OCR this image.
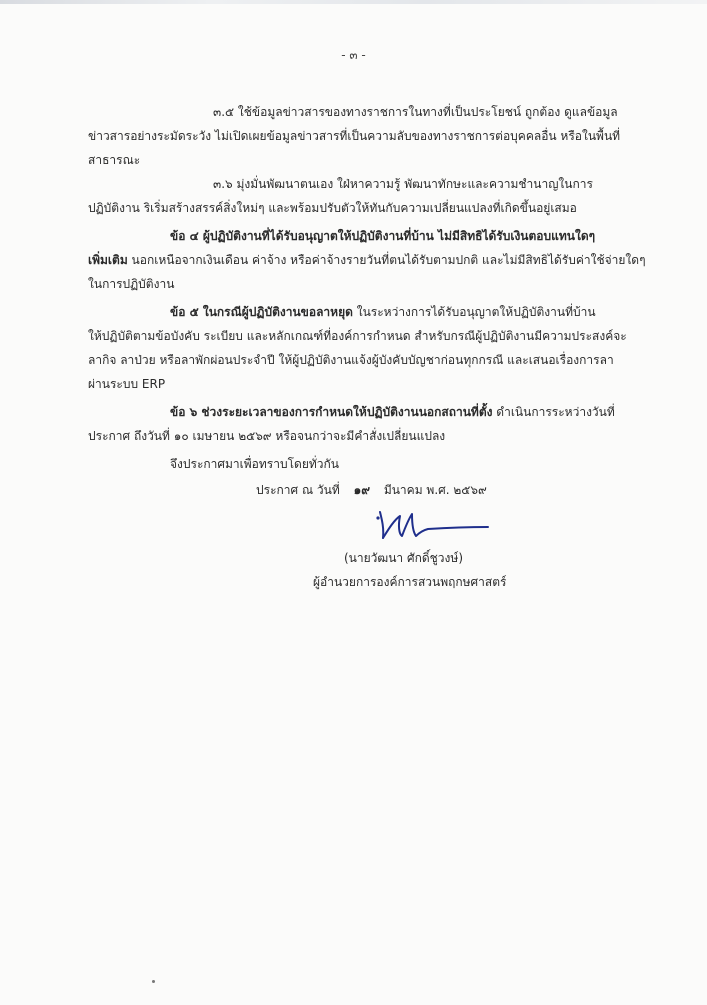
- ๓ -
๓.๕ ใช้ข้อมูลข่าวสารของทางราชการในทางที่เป็นประโยชน์ ถูกต้อง ดูแลข้อมูล
ข่าวสารอย่างระมัดระวัง ไม่เปิดเผยข้อมูลข่าวสารที่เป็นความลับของทางราชการต่อบุคคลอื่น หรือในพื้นที่
สาธารณะ
๓.๖ มุ่งมั่นพัฒนาตนเอง ใฝ่หาความรู้ พัฒนาทักษะและความชำนาญในการ
ปฏิบัติงาน ริเริ่มสร้างสรรค์สิ่งใหม่ๆ และพร้อมปรับตัวให้ทันกับความเปลี่ยนแปลงที่เกิดขึ้นอยู่เสมอ
ข้อ ๔ ผู้ปฏิบัติงานที่ได้รับอนุญาตให้ปฏิบัติงานที่บ้าน ไม่มีสิทธิได้รับเงินตอบแทนใดๆ
เพิ่มเติม นอกเหนือจากเงินเดือน ค่าจ้าง หรือค่าจ้างรายวันที่ตนได้รับตามปกติ และไม่มีสิทธิได้รับค่าใช้จ่ายใดๆ
ในการปฏิบัติงาน
ข้อ ๕ ในกรณีผู้ปฏิบัติงานขอลาหยุด ในระหว่างการได้รับอนุญาตให้ปฏิบัติงานที่บ้าน
ให้ปฏิบัติตามข้อบังคับ ระเบียบ และหลักเกณฑ์ที่องค์การกำหนด สำหรับกรณีผู้ปฏิบัติงานมีความประสงค์จะ
ลากิจ ลาป่วย หรือลาพักผ่อนประจำปี ให้ผู้ปฏิบัติงานแจ้งผู้บังคับบัญชาก่อนทุกกรณี และเสนอเรื่องการลา
ผ่านระบบ ERP
ข้อ ๖ ช่วงระยะเวลาของการกำหนดให้ปฏิบัติงานนอกสถานที่ตั้ง ดำเนินการระหว่างวันที่
ประกาศ ถึงวันที่ ๑๐ เมษายน ๒๕๖๙ หรือจนกว่าจะมีคำสั่งเปลี่ยนแปลง
จึงประกาศมาเพื่อทราบโดยทั่วกัน
ประกาศ ณ วันที่ ๑๙ มีนาคม พ.ศ. ๒๕๖๙
(นายวัฒนา ศักดิ์ชูวงษ์)
ผู้อำนวยการองค์การสวนพฤกษศาสตร์
